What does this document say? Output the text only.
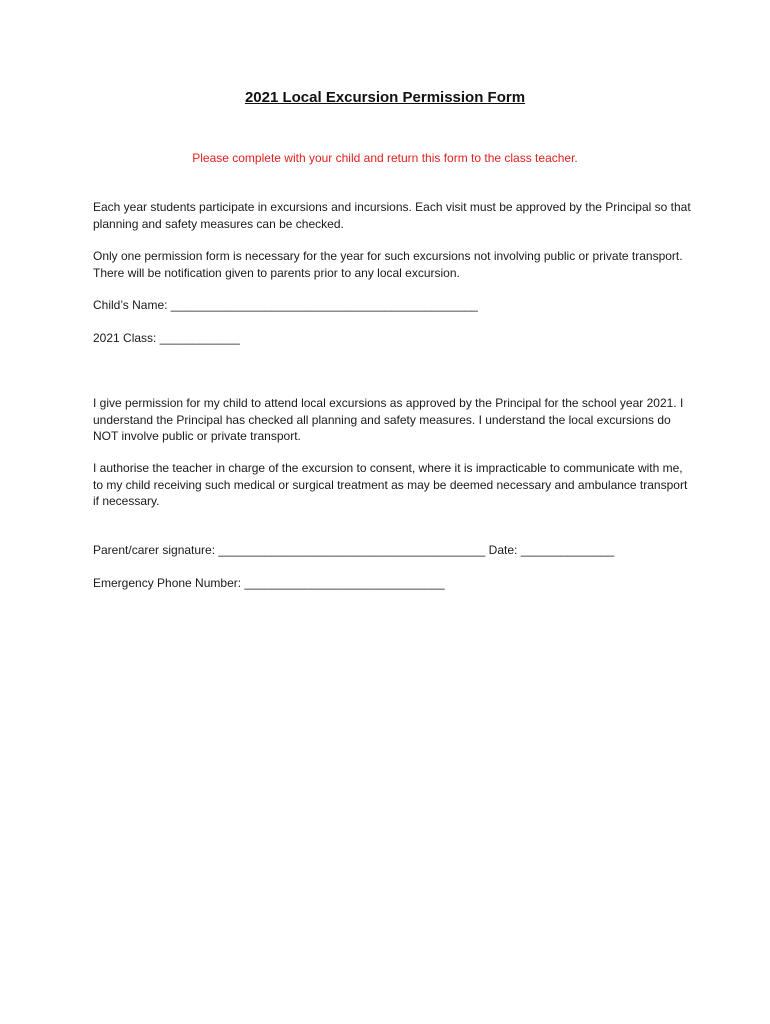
2021 Local Excursion Permission Form
Please complete with your child and return this form to the class teacher.

Each year students participate in excursions and incursions. Each visit must be approved by the Principal so that planning and safety measures can be checked.

Only one permission form is necessary for the year for such excursions not involving public or private transport. There will be notification given to parents prior to any local excursion.

Child’s Name: ______________________________________________

2021 Class: ____________

I give permission for my child to attend local excursions as approved by the Principal for the school year 2021. I understand the Principal has checked all planning and safety measures. I understand the local excursions do NOT involve public or private transport.

I authorise the teacher in charge of the excursion to consent, where it is impracticable to communicate with me, to my child receiving such medical or surgical treatment as may be deemed necessary and ambulance transport if necessary.

Parent/carer signature: ________________________________________ Date: ______________

Emergency Phone Number: ______________________________
